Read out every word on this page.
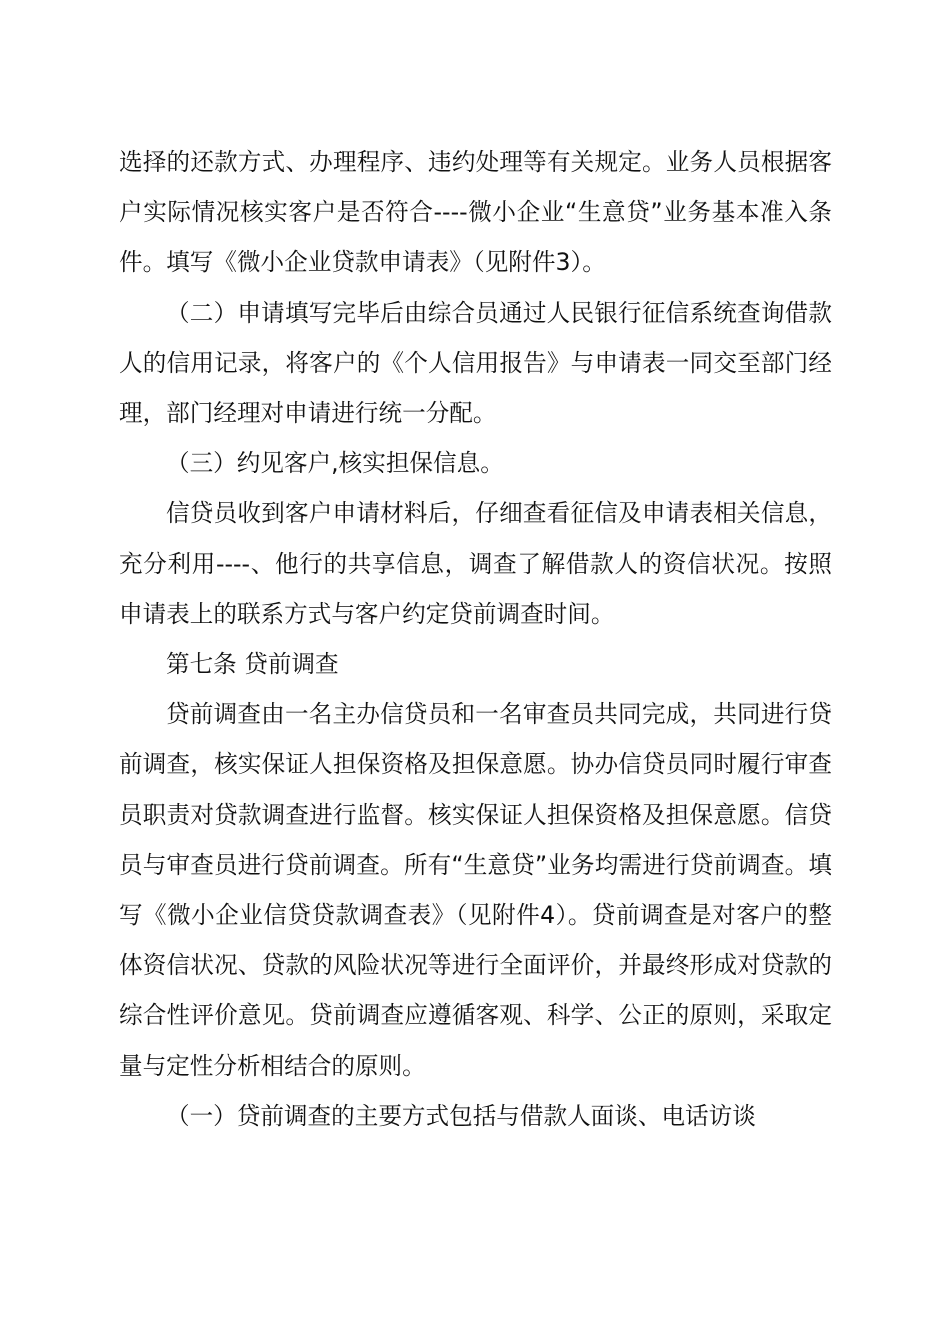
选择的还款方式、办理程序、违约处理等有关规定。业务人员根据客户实际情况核实客户是否符合----微小企业“生意贷”业务基本准入条件。填写《微小企业贷款申请表》（见附件3）。

（二）申请填写完毕后由综合员通过人民银行征信系统查询借款人的信用记录，将客户的《个人信用报告》与申请表一同交至部门经理，部门经理对申请进行统一分配。

（三）约见客户,核实担保信息。

信贷员收到客户申请材料后，仔细查看征信及申请表相关信息，充分利用----、他行的共享信息，调查了解借款人的资信状况。按照申请表上的联系方式与客户约定贷前调查时间。

第七条 贷前调查

贷前调查由一名主办信贷员和一名审查员共同完成，共同进行贷前调查，核实保证人担保资格及担保意愿。协办信贷员同时履行审查员职责对贷款调查进行监督。核实保证人担保资格及担保意愿。信贷员与审查员进行贷前调查。所有“生意贷”业务均需进行贷前调查。填写《微小企业信贷贷款调查表》（见附件4）。贷前调查是对客户的整体资信状况、贷款的风险状况等进行全面评价，并最终形成对贷款的综合性评价意见。贷前调查应遵循客观、科学、公正的原则，采取定量与定性分析相结合的原则。

（一）贷前调查的主要方式包括与借款人面谈、电话访谈
